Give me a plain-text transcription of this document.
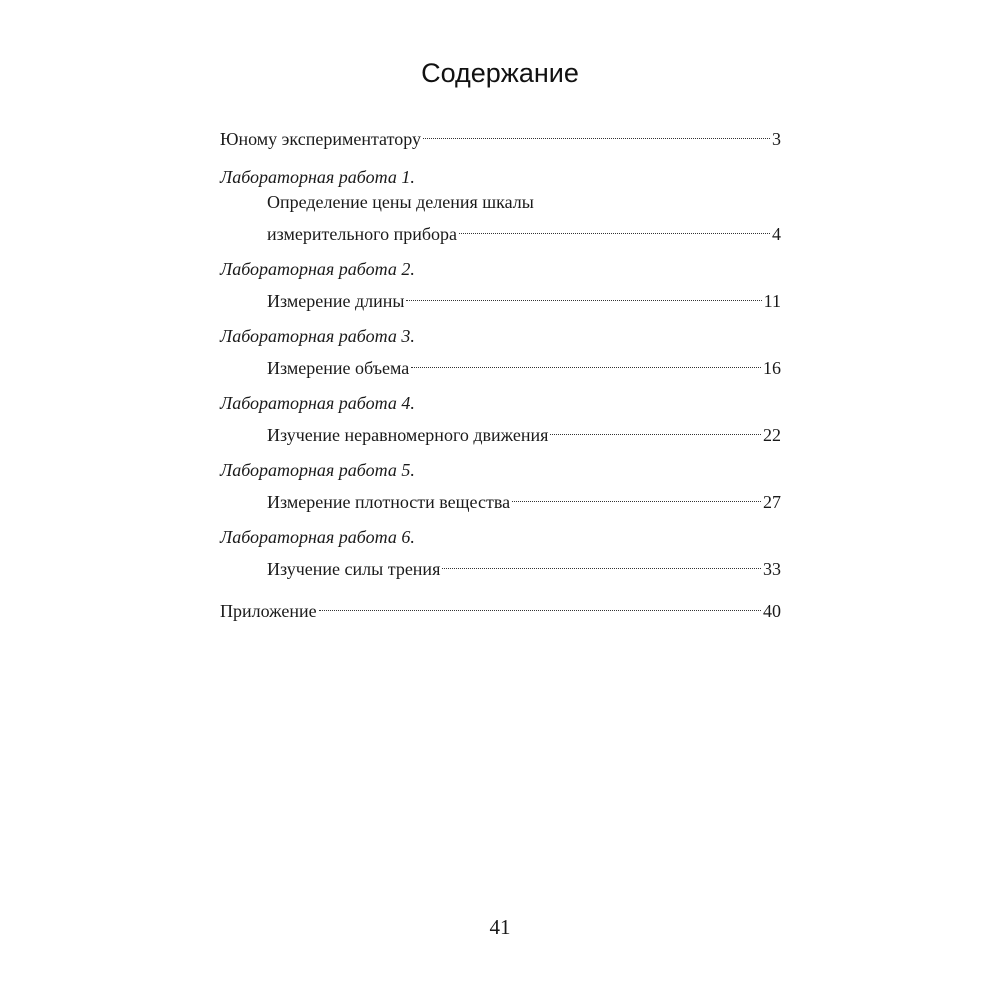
Содержание
Юному экспериментатору	3
Лабораторная работа 1.
Определение цены деления шкалы
измерительного прибора	4
Лабораторная работа 2.
Измерение длины	11
Лабораторная работа 3.
Измерение объема	16
Лабораторная работа 4.
Изучение неравномерного движения	22
Лабораторная работа 5.
Измерение плотности вещества	27
Лабораторная работа 6.
Изучение силы трения	33
Приложение	40
41
